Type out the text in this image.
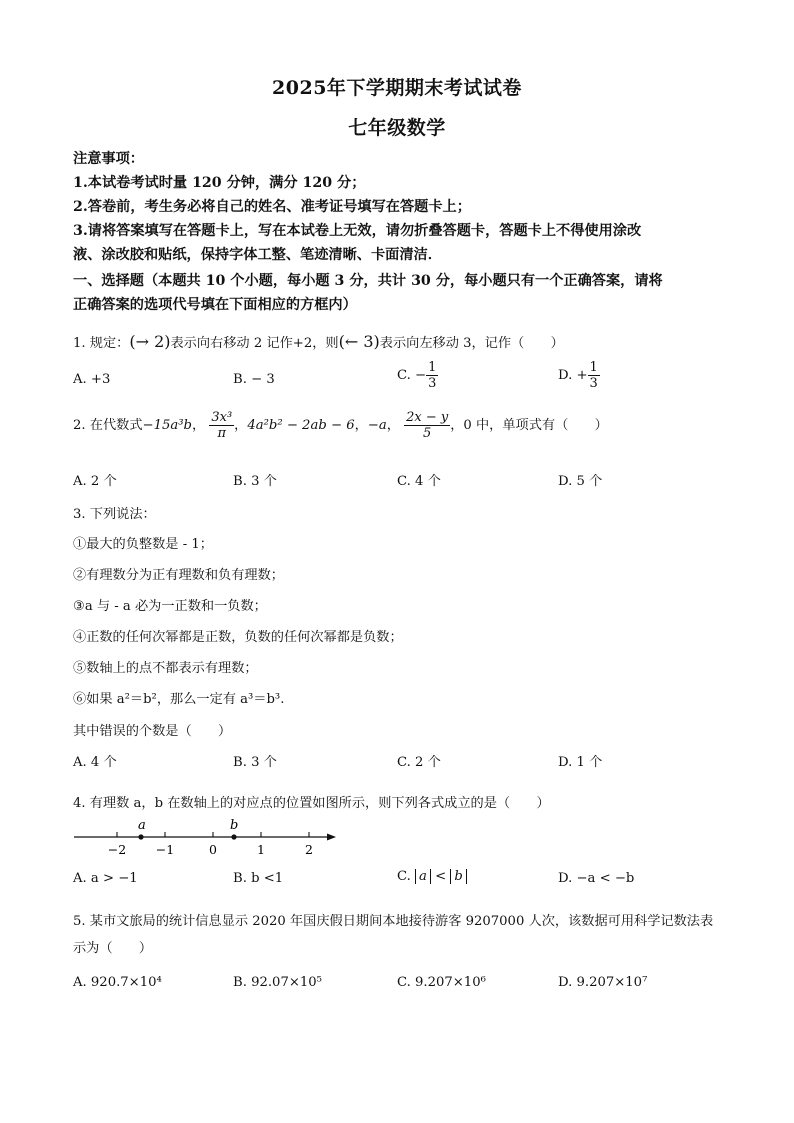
2025年下学期期末考试试卷
七年级数学
注意事项：
1.本试卷考试时量 120 分钟，满分 120 分；
2.答卷前，考生务必将自己的姓名、准考证号填写在答题卡上；
3.请将答案填写在答题卡上，写在本试卷上无效，请勿折叠答题卡，答题卡上不得使用涂改
液、涂改胶和贴纸，保持字体工整、笔迹清晰、卡面清洁．
一、选择题（本题共 10 个小题，每小题 3 分，共计 30 分，每小题只有一个正确答案，请将
正确答案的选项代号填在下面相应的方框内）
1. 规定：(→ 2)表示向右移动 2 记作+2，则(← 3)表示向左移动 3，记作（　　）
A. +3	B. − 3	C. − $\frac{1}{3}$	D. + $\frac{1}{3}$
2. 在代数式−15a³b， $\frac{\text{3x³}}{\pi}$ ，4a²b² − 2ab − 6，−a， $\frac{2x - y}{5}$ ，0 中，单项式有（　　）
A. 2 个	B. 3 个	C. 4 个	D. 5 个
3. 下列说法：
①最大的负整数是 - 1；
②有理数分为正有理数和负有理数；
③a 与 - a 必为一正数和一负数；
④正数的任何次幂都是正数，负数的任何次幂都是负数；
⑤数轴上的点不都表示有理数；
⑥如果 a²＝b²，那么一定有 a³＝b³.
其中错误的个数是（　　）
A. 4 个	B. 3 个	C. 2 个	D. 1 个
4. 有理数 a，b 在数轴上的对应点的位置如图所示，则下列各式成立的是（　　）
−2 −1	0	1	2
a	b
A. a > −1	B. b <1	C. a < b	D. −a < −b
5. 某市文旅局的统计信息显示 2020 年国庆假日期间本地接待游客 9207000 人次，该数据可用科学记数法表
示为（　　）
A. 920.7×10⁴	B. 92.07×10⁵	C. 9.207×10⁶	D. 9.207×10⁷
